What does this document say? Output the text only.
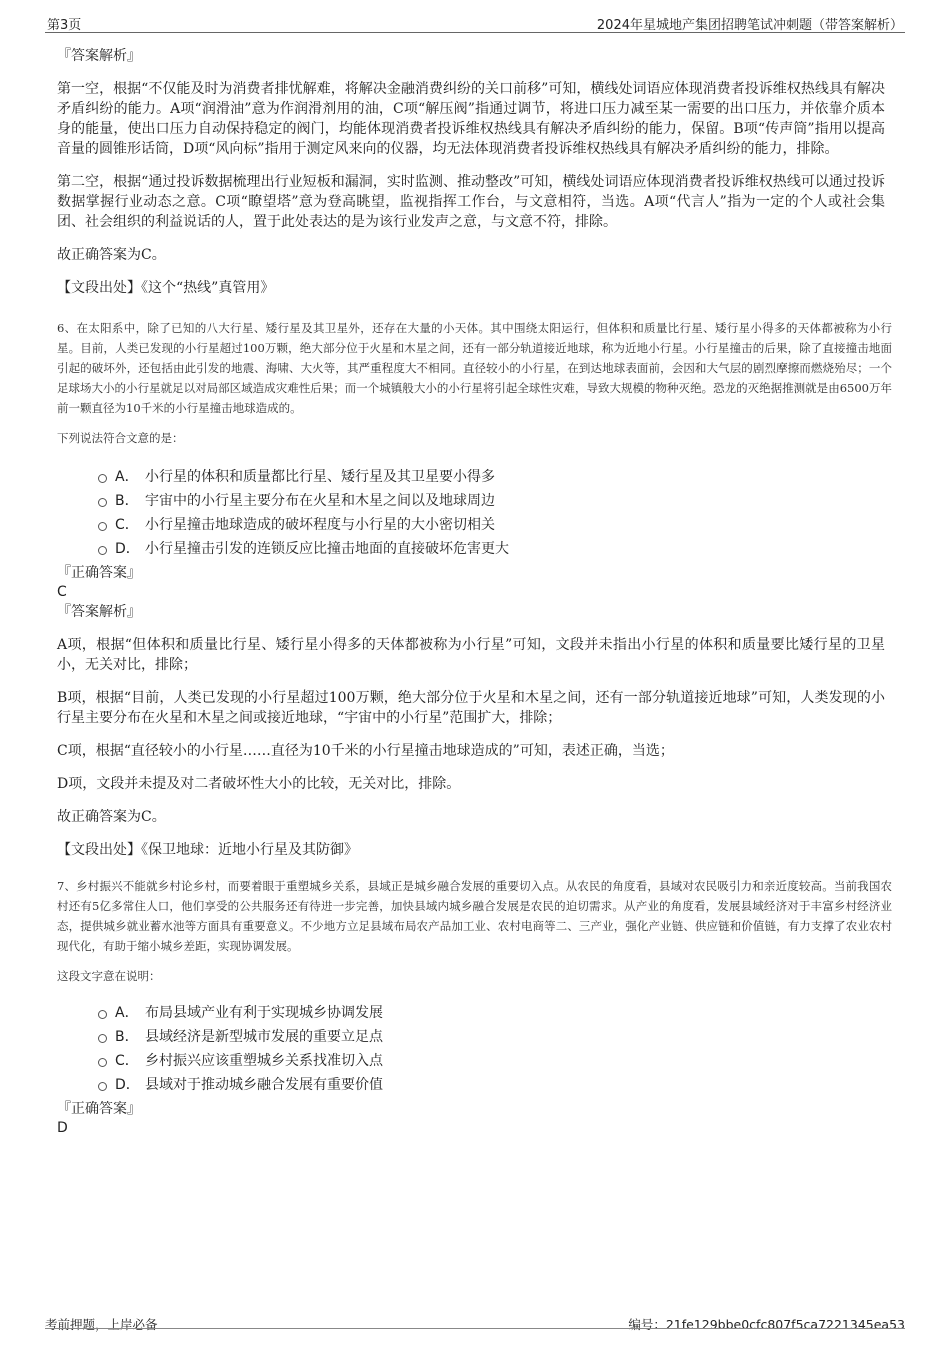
第3页	2024年星城地产集团招聘笔试冲刺题（带答案解析）

『答案解析』

第一空，根据“不仅能及时为消费者排忧解难，将解决金融消费纠纷的关口前移”可知，横线处词语应体现消费者投诉维权热线具有解决矛盾纠纷的能力。A项“润滑油”意为作润滑剂用的油，C项“解压阀”指通过调节，将进口压力减至某一需要的出口压力，并依靠介质本身的能量，使出口压力自动保持稳定的阀门，均能体现消费者投诉维权热线具有解决矛盾纠纷的能力，保留。B项“传声筒”指用以提高音量的圆锥形话筒，D项“风向标”指用于测定风来向的仪器，均无法体现消费者投诉维权热线具有解决矛盾纠纷的能力，排除。

第二空，根据“通过投诉数据梳理出行业短板和漏洞，实时监测、推动整改”可知，横线处词语应体现消费者投诉维权热线可以通过投诉数据掌握行业动态之意。C项“瞭望塔”意为登高眺望，监视指挥工作台，与文意相符，当选。A项“代言人”指为一定的个人或社会集团、社会组织的利益说话的人，置于此处表达的是为该行业发声之意，与文意不符，排除。

故正确答案为C。

【文段出处】《这个“热线”真管用》

6、在太阳系中，除了已知的八大行星、矮行星及其卫星外，还存在大量的小天体。其中围绕太阳运行，但体积和质量比行星、矮行星小得多的天体都被称为小行星。目前，人类已发现的小行星超过100万颗，绝大部分位于火星和木星之间，还有一部分轨道接近地球，称为近地小行星。小行星撞击的后果，除了直接撞击地面引起的破坏外，还包括由此引发的地震、海啸、大火等，其严重程度大不相同。直径较小的小行星，在到达地球表面前，会因和大气层的剧烈摩擦而燃烧殆尽；一个足球场大小的小行星就足以对局部区域造成灾难性后果；而一个城镇般大小的小行星将引起全球性灾难，导致大规模的物种灭绝。恐龙的灭绝据推测就是由6500万年前一颗直径为10千米的小行星撞击地球造成的。

下列说法符合文意的是：

A． 小行星的体积和质量都比行星、矮行星及其卫星要小得多
B． 宇宙中的小行星主要分布在火星和木星之间以及地球周边
C． 小行星撞击地球造成的破坏程度与小行星的大小密切相关
D． 小行星撞击引发的连锁反应比撞击地面的直接破坏危害更大

『正确答案』

C

『答案解析』

A项，根据“但体积和质量比行星、矮行星小得多的天体都被称为小行星”可知，文段并未指出小行星的体积和质量要比矮行星的卫星小，无关对比，排除；

B项，根据“目前，人类已发现的小行星超过100万颗，绝大部分位于火星和木星之间，还有一部分轨道接近地球”可知，人类发现的小行星主要分布在火星和木星之间或接近地球，“宇宙中的小行星”范围扩大，排除；

C项，根据“直径较小的小行星……直径为10千米的小行星撞击地球造成的”可知，表述正确，当选；

D项，文段并未提及对二者破坏性大小的比较，无关对比，排除。

故正确答案为C。

【文段出处】《保卫地球：近地小行星及其防御》

7、乡村振兴不能就乡村论乡村，而要着眼于重塑城乡关系，县域正是城乡融合发展的重要切入点。从农民的角度看，县域对农民吸引力和亲近度较高。当前我国农村还有5亿多常住人口，他们享受的公共服务还有待进一步完善，加快县域内城乡融合发展是农民的迫切需求。从产业的角度看，发展县域经济对于丰富乡村经济业态，提供城乡就业蓄水池等方面具有重要意义。不少地方立足县域布局农产品加工业、农村电商等二、三产业，强化产业链、供应链和价值链，有力支撑了农业农村现代化，有助于缩小城乡差距，实现协调发展。

这段文字意在说明：

A． 布局县域产业有利于实现城乡协调发展
B． 县域经济是新型城市发展的重要立足点
C． 乡村振兴应该重塑城乡关系找准切入点
D． 县域对于推动城乡融合发展有重要价值

『正确答案』

D

考前押题，上岸必备	编号：21fe129bbe0cfc807f5ca7221345ea53
